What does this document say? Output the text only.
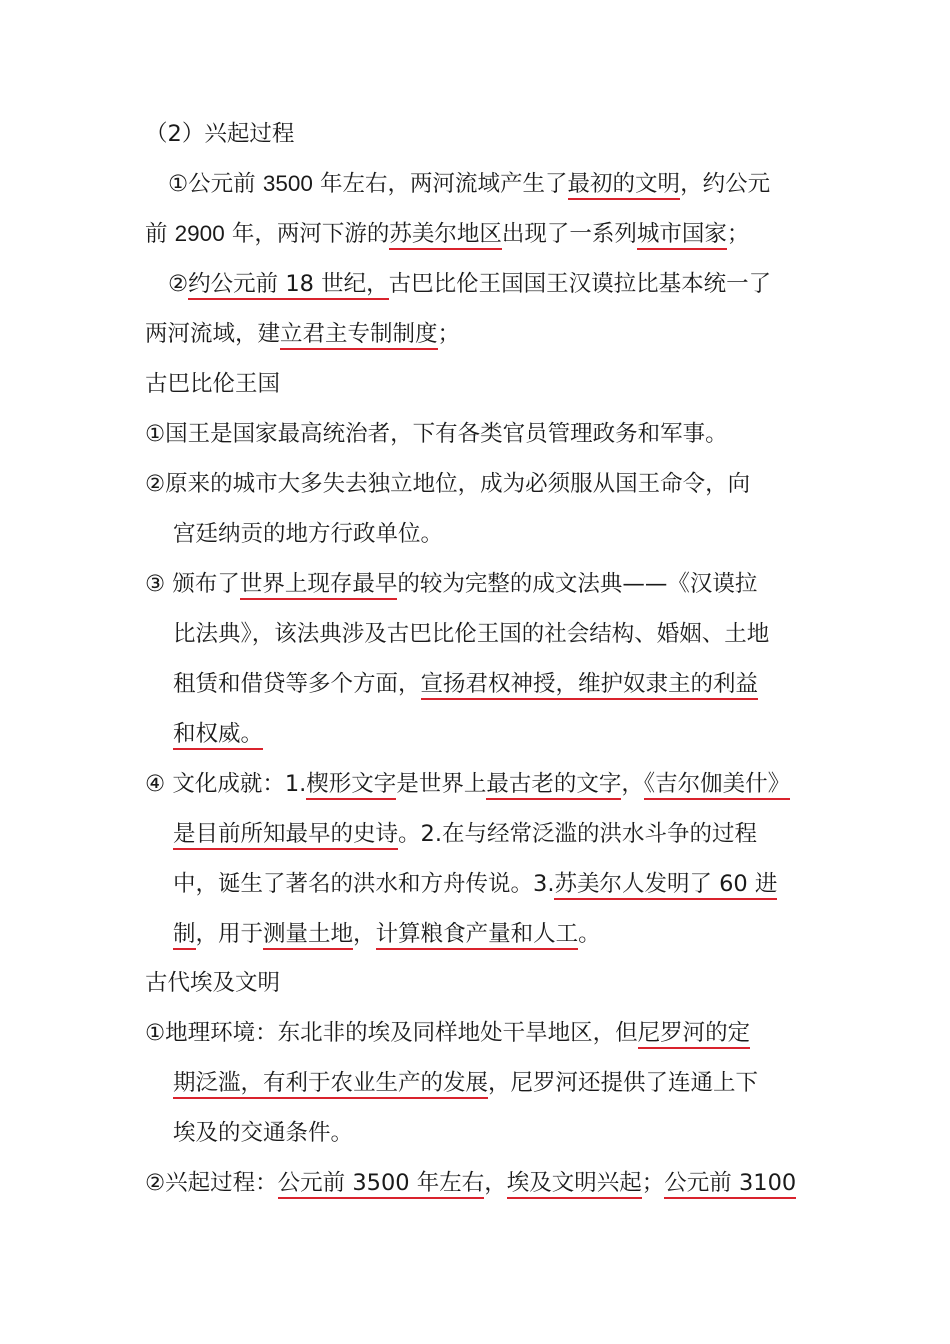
（2）兴起过程
①公元前 3500 年左右，两河流域产生了最初的文明，约公元
前 2900 年，两河下游的苏美尔地区出现了一系列城市国家；
②约公元前 18 世纪，古巴比伦王国国王汉谟拉比基本统一了
两河流域，建立君主专制制度；
古巴比伦王国
①国王是国家最高统治者，下有各类官员管理政务和军事。
②原来的城市大多失去独立地位，成为必须服从国王命令，向
宫廷纳贡的地方行政单位。
③ 颁布了世界上现存最早的较为完整的成文法典——《汉谟拉
比法典》，该法典涉及古巴比伦王国的社会结构、婚姻、土地
租赁和借贷等多个方面，宣扬君权神授，维护奴隶主的利益
和权威。
④ 文化成就：1.楔形文字是世界上最古老的文字，《吉尔伽美什》
是目前所知最早的史诗。2.在与经常泛滥的洪水斗争的过程
中，诞生了著名的洪水和方舟传说。3.苏美尔人发明了 60 进
制，用于测量土地，计算粮食产量和人工。
古代埃及文明
①地理环境：东北非的埃及同样地处干旱地区，但尼罗河的定
期泛滥，有利于农业生产的发展，尼罗河还提供了连通上下
埃及的交通条件。
②兴起过程：公元前 3500 年左右，埃及文明兴起；公元前 3100
